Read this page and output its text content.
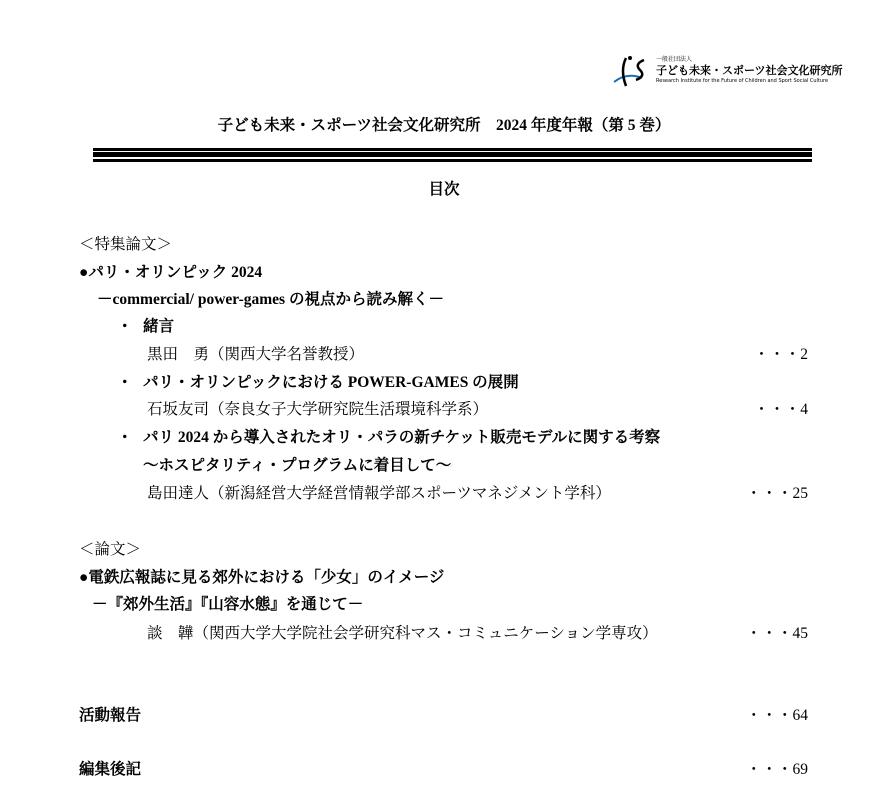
一般社団法人
子ども未来・スポーツ社会文化研究所
Research Institute for the Future of Children and Sport Social Culture
子ども未来・スポーツ社会文化研究所　2024 年度年報（第 5 巻）
目次
＜特集論文＞
●パリ・オリンピック 2024
－commercial/ power-games の視点から読み解く－
・ 緒言
黒田　勇（関西大学名誉教授）	・・・2
・ パリ・オリンピックにおける POWER-GAMES の展開
石坂友司（奈良女子大学研究院生活環境科学系）	・・・4
・ パリ 2024 から導入されたオリ・パラの新チケット販売モデルに関する考察
～ホスピタリティ・プログラムに着目して～
島田達人（新潟経営大学経営情報学部スポーツマネジメント学科）	・・・25
＜論文＞
●電鉄広報誌に見る郊外における「少女」のイメージ
－『郊外生活』『山容水態』を通じて－
談　韡（関西大学大学院社会学研究科マス・コミュニケーション学専攻）	・・・45
活動報告	・・・64
編集後記	・・・69
